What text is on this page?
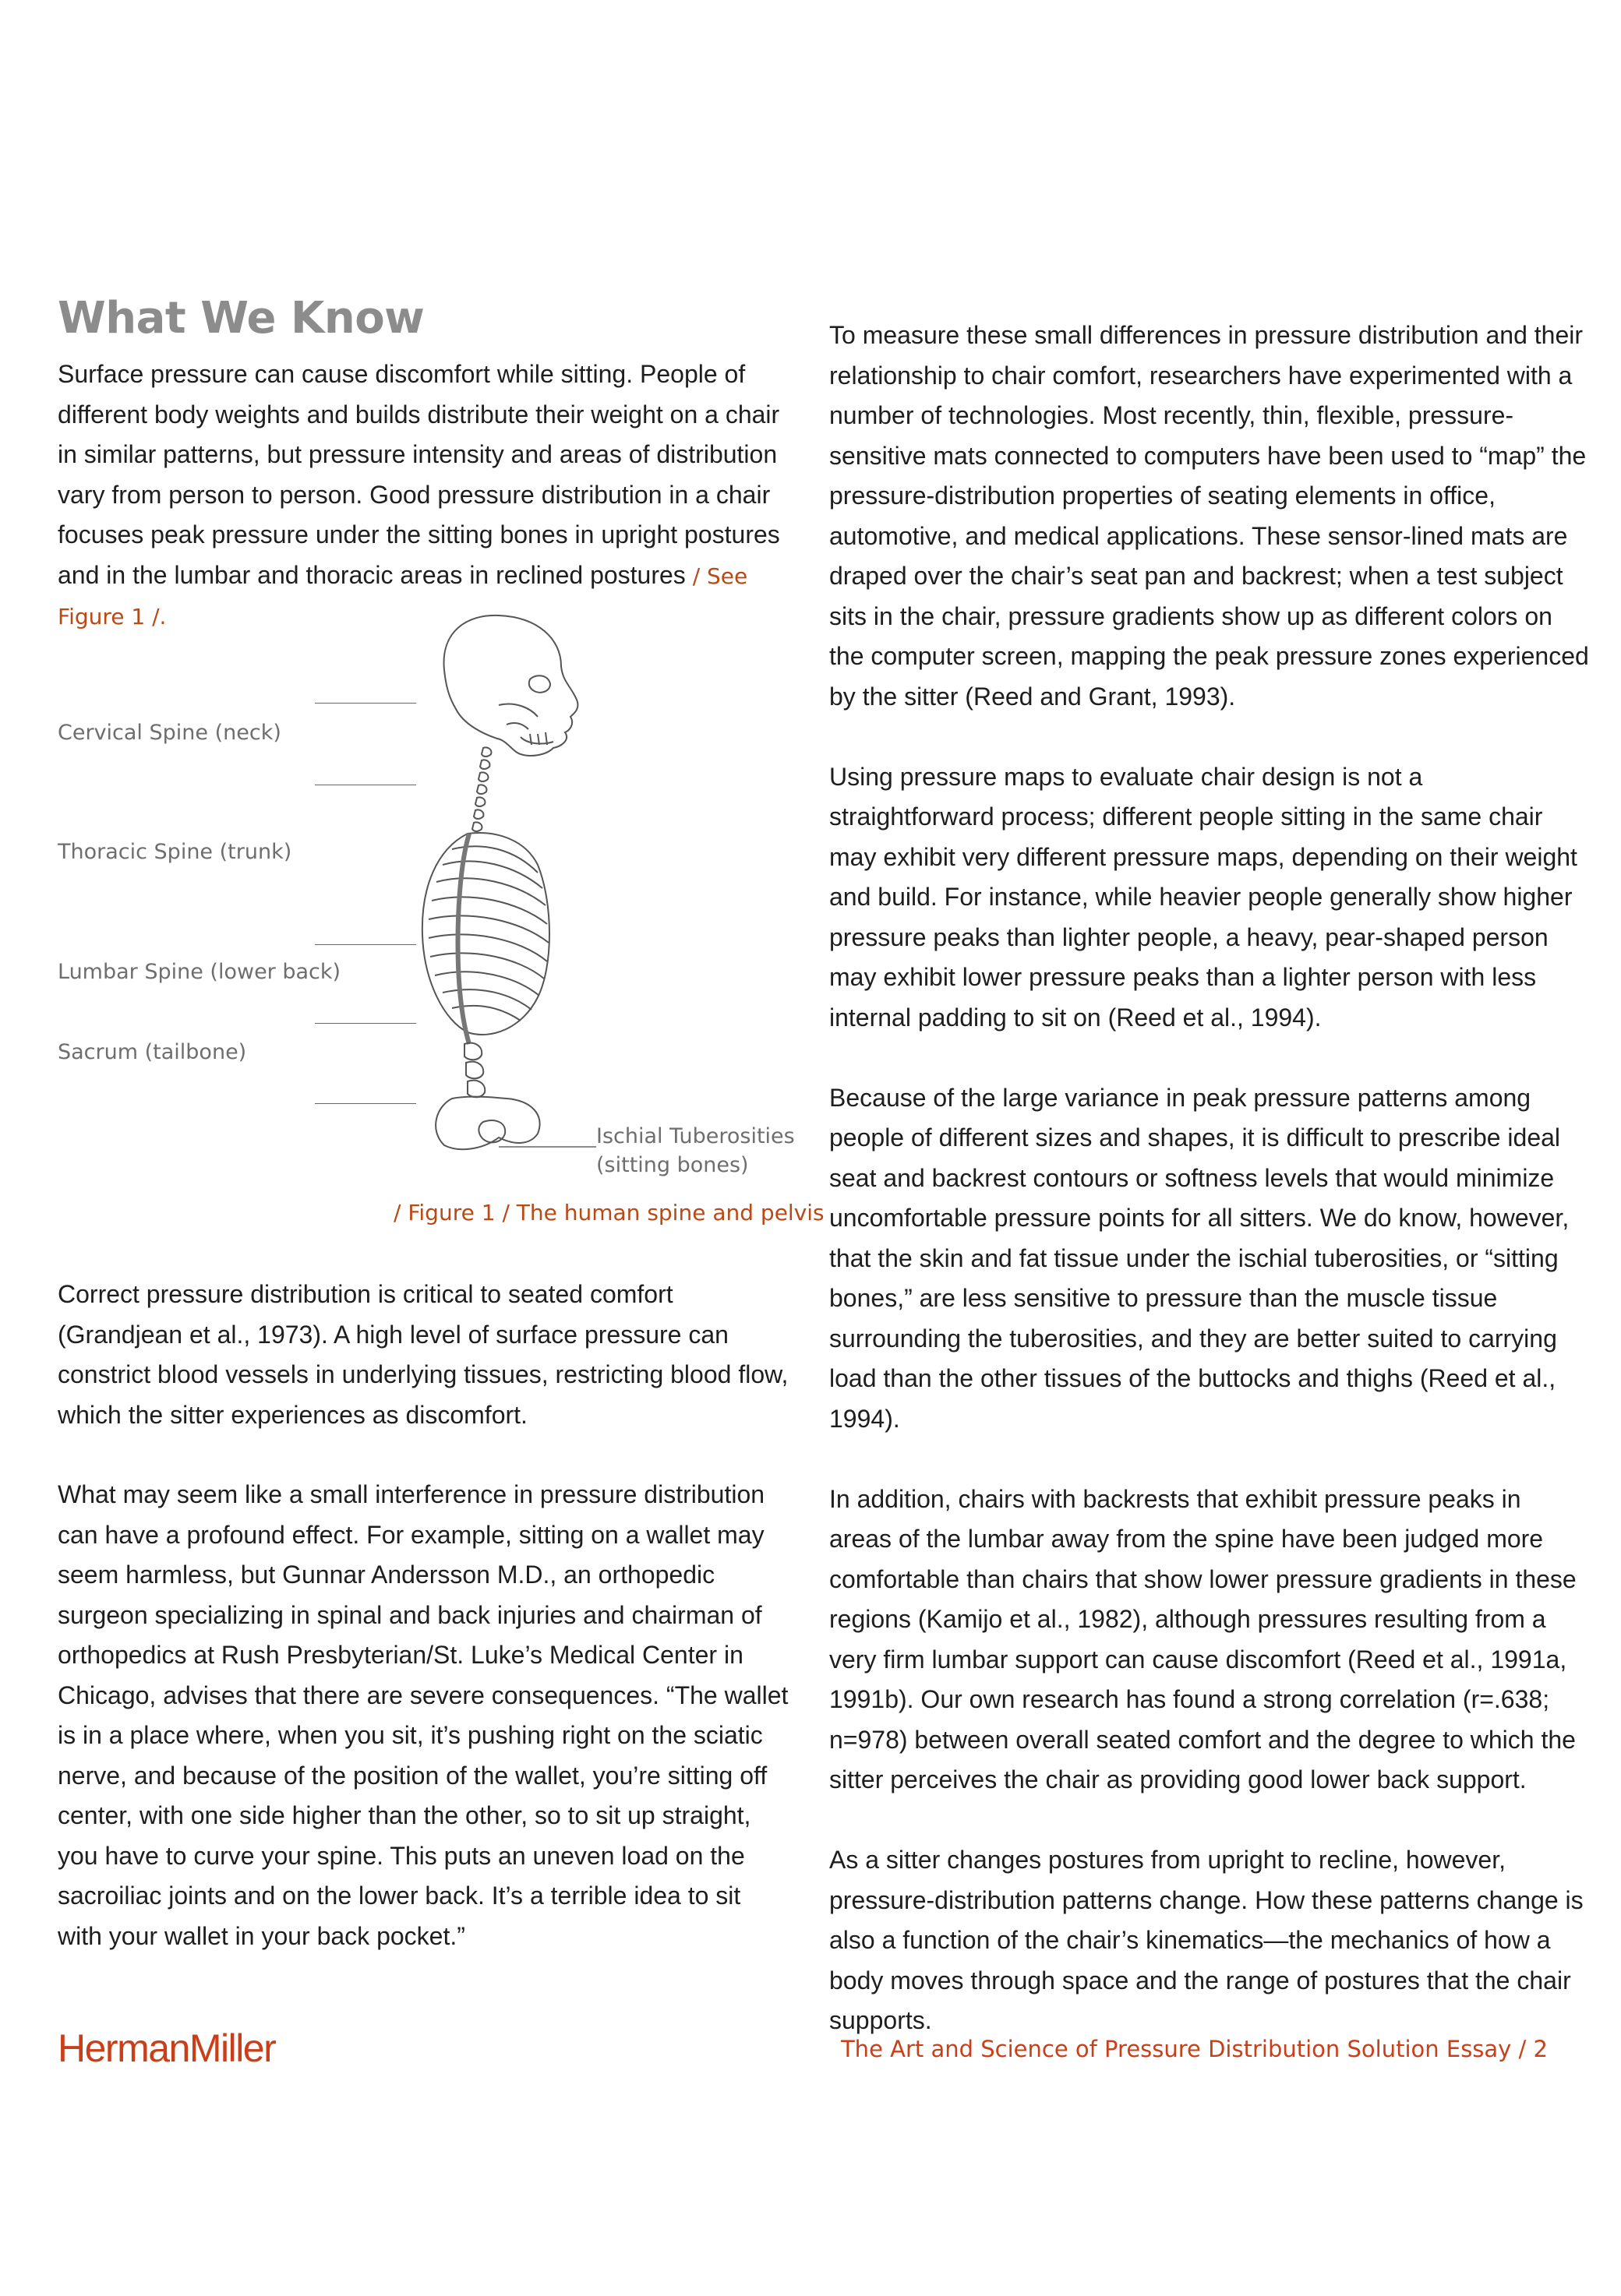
What We Know

Surface pressure can cause discomfort while sitting. People of different body weights and builds distribute their weight on a chair in similar patterns, but pressure intensity and areas of distribution vary from person to person. Good pressure distribution in a chair focuses peak pressure under the sitting bones in upright postures and in the lumbar and thoracic areas in reclined postures / See Figure 1 /.

Cervical Spine (neck)
Thoracic Spine (trunk)
Lumbar Spine (lower back)
Sacrum (tailbone)
Ischial Tuberosities
(sitting bones)
/ Figure 1 / The human spine and pelvis

Correct pressure distribution is critical to seated comfort (Grandjean et al., 1973). A high level of surface pressure can constrict blood vessels in underlying tissues, restricting blood flow, which the sitter experiences as discomfort.

What may seem like a small interference in pressure distribution can have a profound effect. For example, sitting on a wallet may seem harmless, but Gunnar Andersson M.D., an orthopedic surgeon specializing in spinal and back injuries and chairman of orthopedics at Rush Presbyterian/St. Luke’s Medical Center in Chicago, advises that there are severe consequences. “The wallet is in a place where, when you sit, it’s pushing right on the sciatic nerve, and because of the position of the wallet, you’re sitting off center, with one side higher than the other, so to sit up straight, you have to curve your spine. This puts an uneven load on the sacroiliac joints and on the lower back. It’s a terrible idea to sit with your wallet in your back pocket.”

To measure these small differences in pressure distribution and their relationship to chair comfort, researchers have experimented with a number of technologies. Most recently, thin, flexible, pressure-sensitive mats connected to computers have been used to “map” the pressure-distribution properties of seating elements in office, automotive, and medical applications. These sensor-lined mats are draped over the chair’s seat pan and backrest; when a test subject sits in the chair, pressure gradients show up as different colors on the computer screen, mapping the peak pressure zones experienced by the sitter (Reed and Grant, 1993).

Using pressure maps to evaluate chair design is not a straightforward process; different people sitting in the same chair may exhibit very different pressure maps, depending on their weight and build. For instance, while heavier people generally show higher pressure peaks than lighter people, a heavy, pear-shaped person may exhibit lower pressure peaks than a lighter person with less internal padding to sit on (Reed et al., 1994).

Because of the large variance in peak pressure patterns among people of different sizes and shapes, it is difficult to prescribe ideal seat and backrest contours or softness levels that would minimize uncomfortable pressure points for all sitters. We do know, however, that the skin and fat tissue under the ischial tuberosities, or “sitting bones,” are less sensitive to pressure than the muscle tissue surrounding the tuberosities, and they are better suited to carrying load than the other tissues of the buttocks and thighs (Reed et al., 1994).

In addition, chairs with backrests that exhibit pressure peaks in areas of the lumbar away from the spine have been judged more comfortable than chairs that show lower pressure gradients in these regions (Kamijo et al., 1982), although pressures resulting from a very firm lumbar support can cause discomfort (Reed et al., 1991a, 1991b). Our own research has found a strong correlation (r=.638; n=978) between overall seated comfort and the degree to which the sitter perceives the chair as providing good lower back support.

As a sitter changes postures from upright to recline, however, pressure-distribution patterns change. How these patterns change is also a function of the chair’s kinematics—the mechanics of how a body moves through space and the range of postures that the chair supports.

HermanMiller	The Art and Science of Pressure Distribution Solution Essay / 2
